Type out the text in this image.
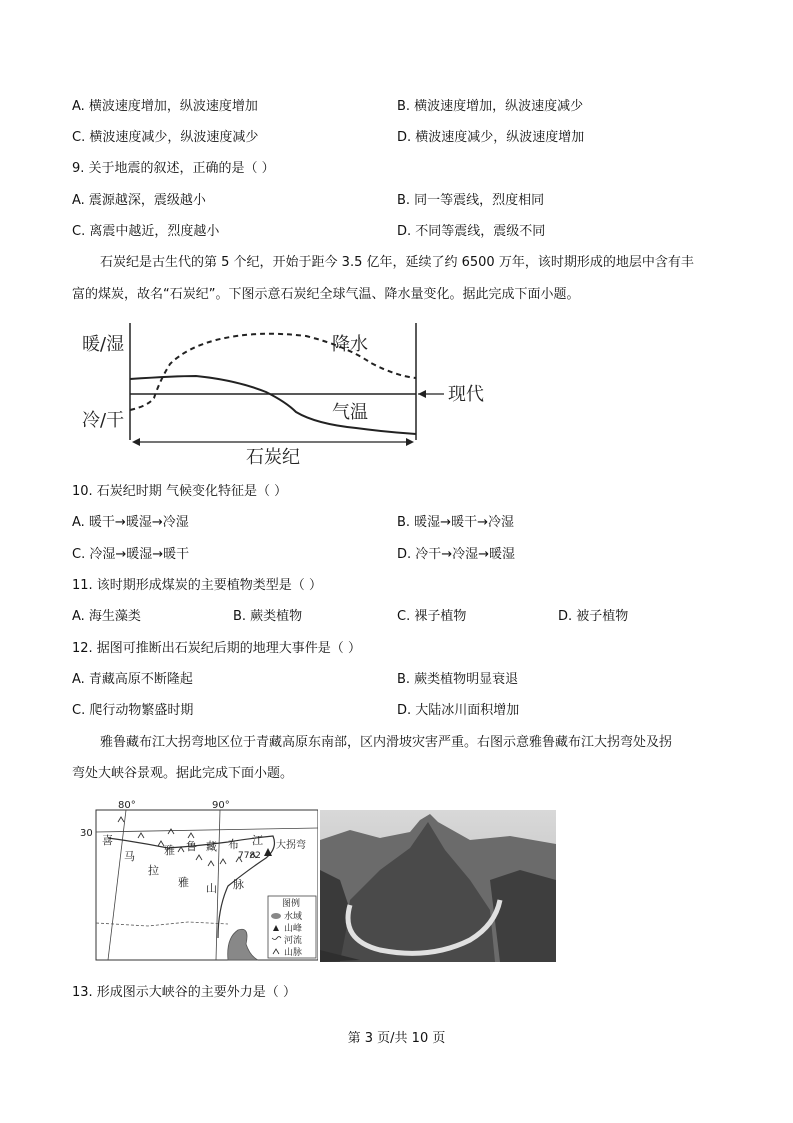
A. 横波速度增加，纵波速度增加	B. 横波速度增加，纵波速度减少
C. 横波速度减少，纵波速度减少	D. 横波速度减少，纵波速度增加
9. 关于地震的叙述，正确的是（ ）
A. 震源越深，震级越小	B. 同一等震线，烈度相同
C. 离震中越近，烈度越小	D. 不同等震线，震级不同
石炭纪是古生代的第 5 个纪，开始于距今 3.5 亿年，延续了约 6500 万年，该时期形成的地层中含有丰
富的煤炭，故名“石炭纪”。下图示意石炭纪全球气温、降水量变化。据此完成下面小题。
暖/湿
冷/干
降水
气温
现代
石炭纪
10. 石炭纪时期 气候变化特征是（ ）
A. 暖干→暖湿→冷湿	B. 暖湿→暖干→冷湿
C. 冷湿→暖湿→暖干	D. 冷干→冷湿→暖湿
11. 该时期形成煤炭的主要植物类型是（ ）
A. 海生藻类	B. 蕨类植物	C. 裸子植物	D. 被子植物
12. 据图可推断出石炭纪后期的地理大事件是（ ）
A. 青藏高原不断隆起	B. 蕨类植物明显衰退
C. 爬行动物繁盛时期	D. 大陆冰川面积增加
雅鲁藏布江大拐弯地区位于青藏高原东南部，区内滑坡灾害严重。右图示意雅鲁藏布江大拐弯处及拐
弯处大峡谷景观。据此完成下面小题。
80°	90°
30
喜
马
拉
雅 山 脉
雅 鲁 藏 布 江 大拐弯
7782
图例
水域
山峰
河流
山脉
13. 形成图示大峡谷的主要外力是（ ）
第 3 页/共 10 页
